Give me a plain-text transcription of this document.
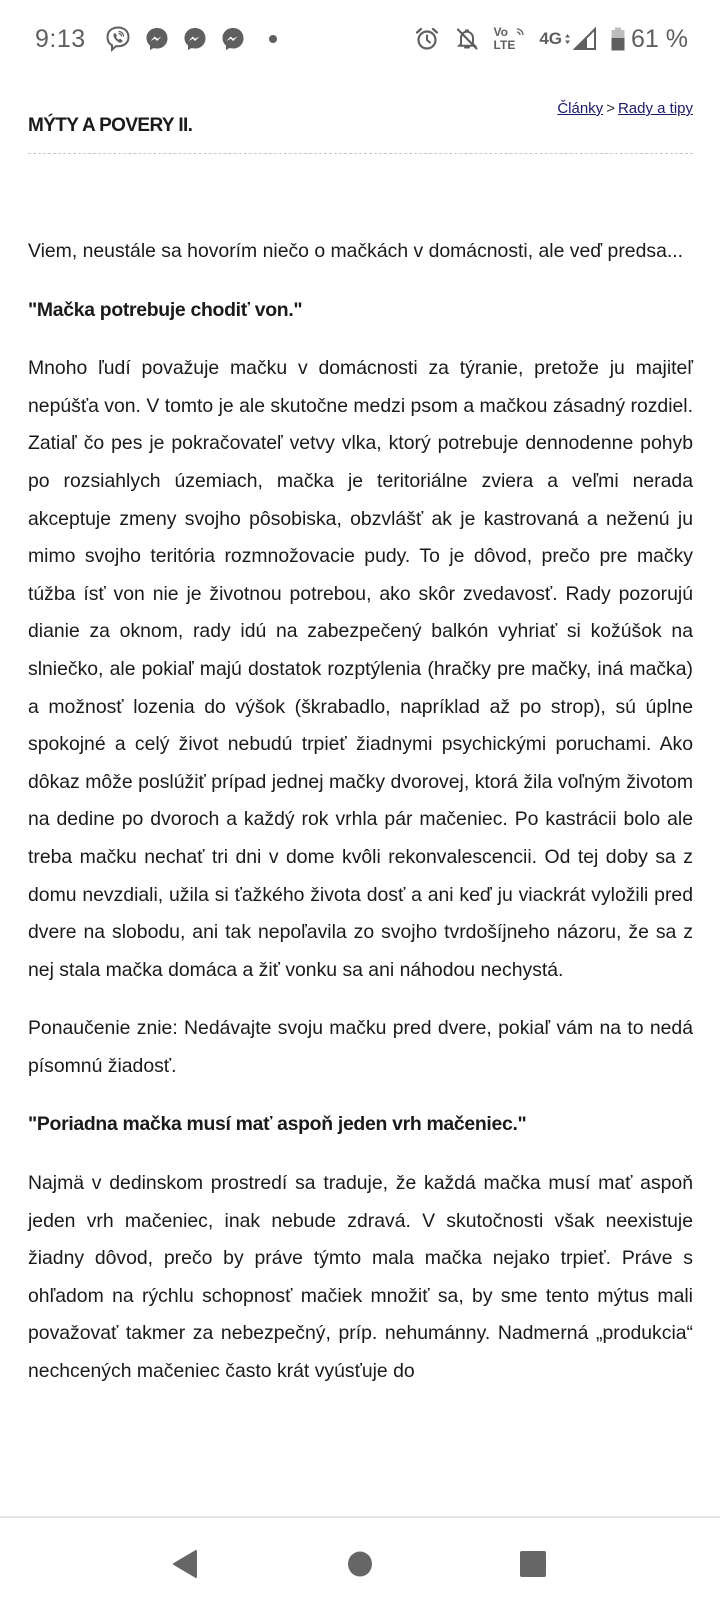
9:13	Vo
LTE 4G	61 %
MÝTY A POVERY II.
Články > Rady a tipy

Viem, neustále sa hovorím niečo o mačkách v domácnosti, ale veď predsa...

"Mačka potrebuje chodiť von."

Mnoho ľudí považuje mačku v domácnosti za týranie, pretože ju majiteľ nepúšťa von. V tomto je ale skutočne medzi psom a mačkou zásadný rozdiel. Zatiaľ čo pes je pokračovateľ vetvy vlka, ktorý potrebuje dennodenne pohyb po rozsiahlych územiach, mačka je teritoriálne zviera a veľmi nerada akceptuje zmeny svojho pôsobiska, obzvlášť ak je kastrovaná a neženú ju mimo svojho teritória rozmnožovacie pudy. To je dôvod, prečo pre mačky túžba ísť von nie je životnou potrebou, ako skôr zvedavosť. Rady pozorujú dianie za oknom, rady idú na zabezpečený balkón vyhriať si kožúšok na slniečko, ale pokiaľ majú dostatok rozptýlenia (hračky pre mačky, iná mačka) a možnosť lozenia do výšok (škrabadlo, napríklad až po strop), sú úplne spokojné a celý život nebudú trpieť žiadnymi psychickými poruchami. Ako dôkaz môže poslúžiť prípad jednej mačky dvorovej, ktorá žila voľným životom na dedine po dvoroch a každý rok vrhla pár mačeniec. Po kastrácii bolo ale treba mačku nechať tri dni v dome kvôli rekonvalescencii. Od tej doby sa z domu nevzdiali, užila si ťažkého života dosť a ani keď ju viackrát vyložili pred dvere na slobodu, ani tak nepoľavila zo svojho tvrdošíjneho názoru, že sa z nej stala mačka domáca a žiť vonku sa ani náhodou nechystá.

Ponaučenie znie: Nedávajte svoju mačku pred dvere, pokiaľ vám na to nedá písomnú žiadosť.

"Poriadna mačka musí mať aspoň jeden vrh mačeniec."

Najmä v dedinskom prostredí sa traduje, že každá mačka musí mať aspoň jeden vrh mačeniec, inak nebude zdravá. V skutočnosti však neexistuje žiadny dôvod, prečo by práve týmto mala mačka nejako trpieť. Práve s ohľadom na rýchlu schopnosť mačiek množiť sa, by sme tento mýtus mali považovať takmer za nebezpečný, príp. nehumánny. Nadmerná „produkcia“ nechcených mačeniec často krát vyúsťuje do
